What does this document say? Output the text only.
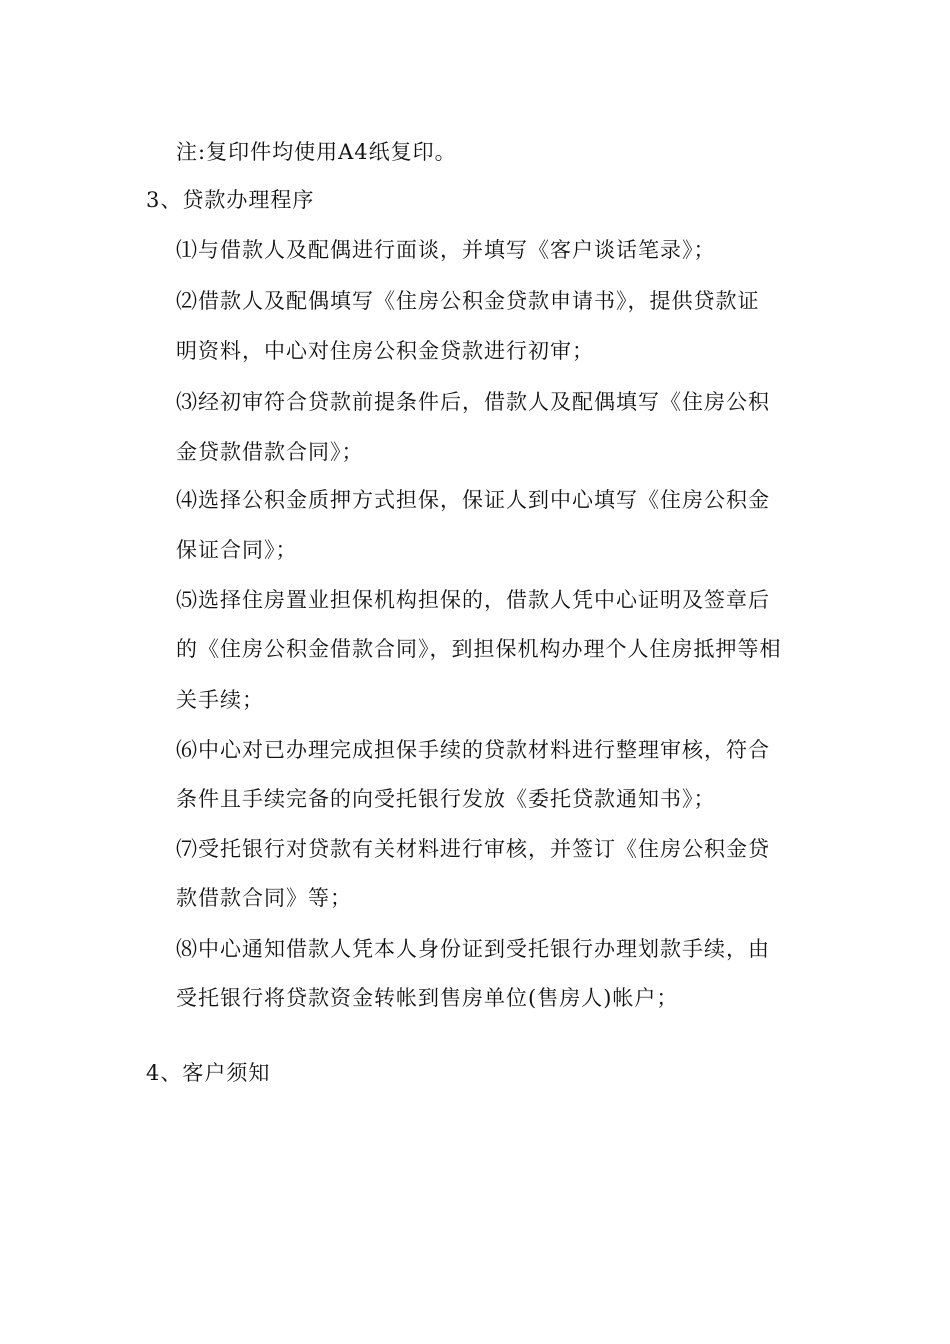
注:复印件均使用A4纸复印。
3、贷款办理程序
⑴与借款人及配偶进行面谈，并填写《客户谈话笔录》；
⑵借款人及配偶填写《住房公积金贷款申请书》，提供贷款证
明资料，中心对住房公积金贷款进行初审；
⑶经初审符合贷款前提条件后，借款人及配偶填写《住房公积
金贷款借款合同》；
⑷选择公积金质押方式担保，保证人到中心填写《住房公积金
保证合同》；
⑸选择住房置业担保机构担保的，借款人凭中心证明及签章后
的《住房公积金借款合同》，到担保机构办理个人住房抵押等相
关手续；
⑹中心对已办理完成担保手续的贷款材料进行整理审核，符合
条件且手续完备的向受托银行发放《委托贷款通知书》；
⑺受托银行对贷款有关材料进行审核，并签订《住房公积金贷
款借款合同》等；
⑻中心通知借款人凭本人身份证到受托银行办理划款手续，由
受托银行将贷款资金转帐到售房单位(售房人)帐户；
4、客户须知
